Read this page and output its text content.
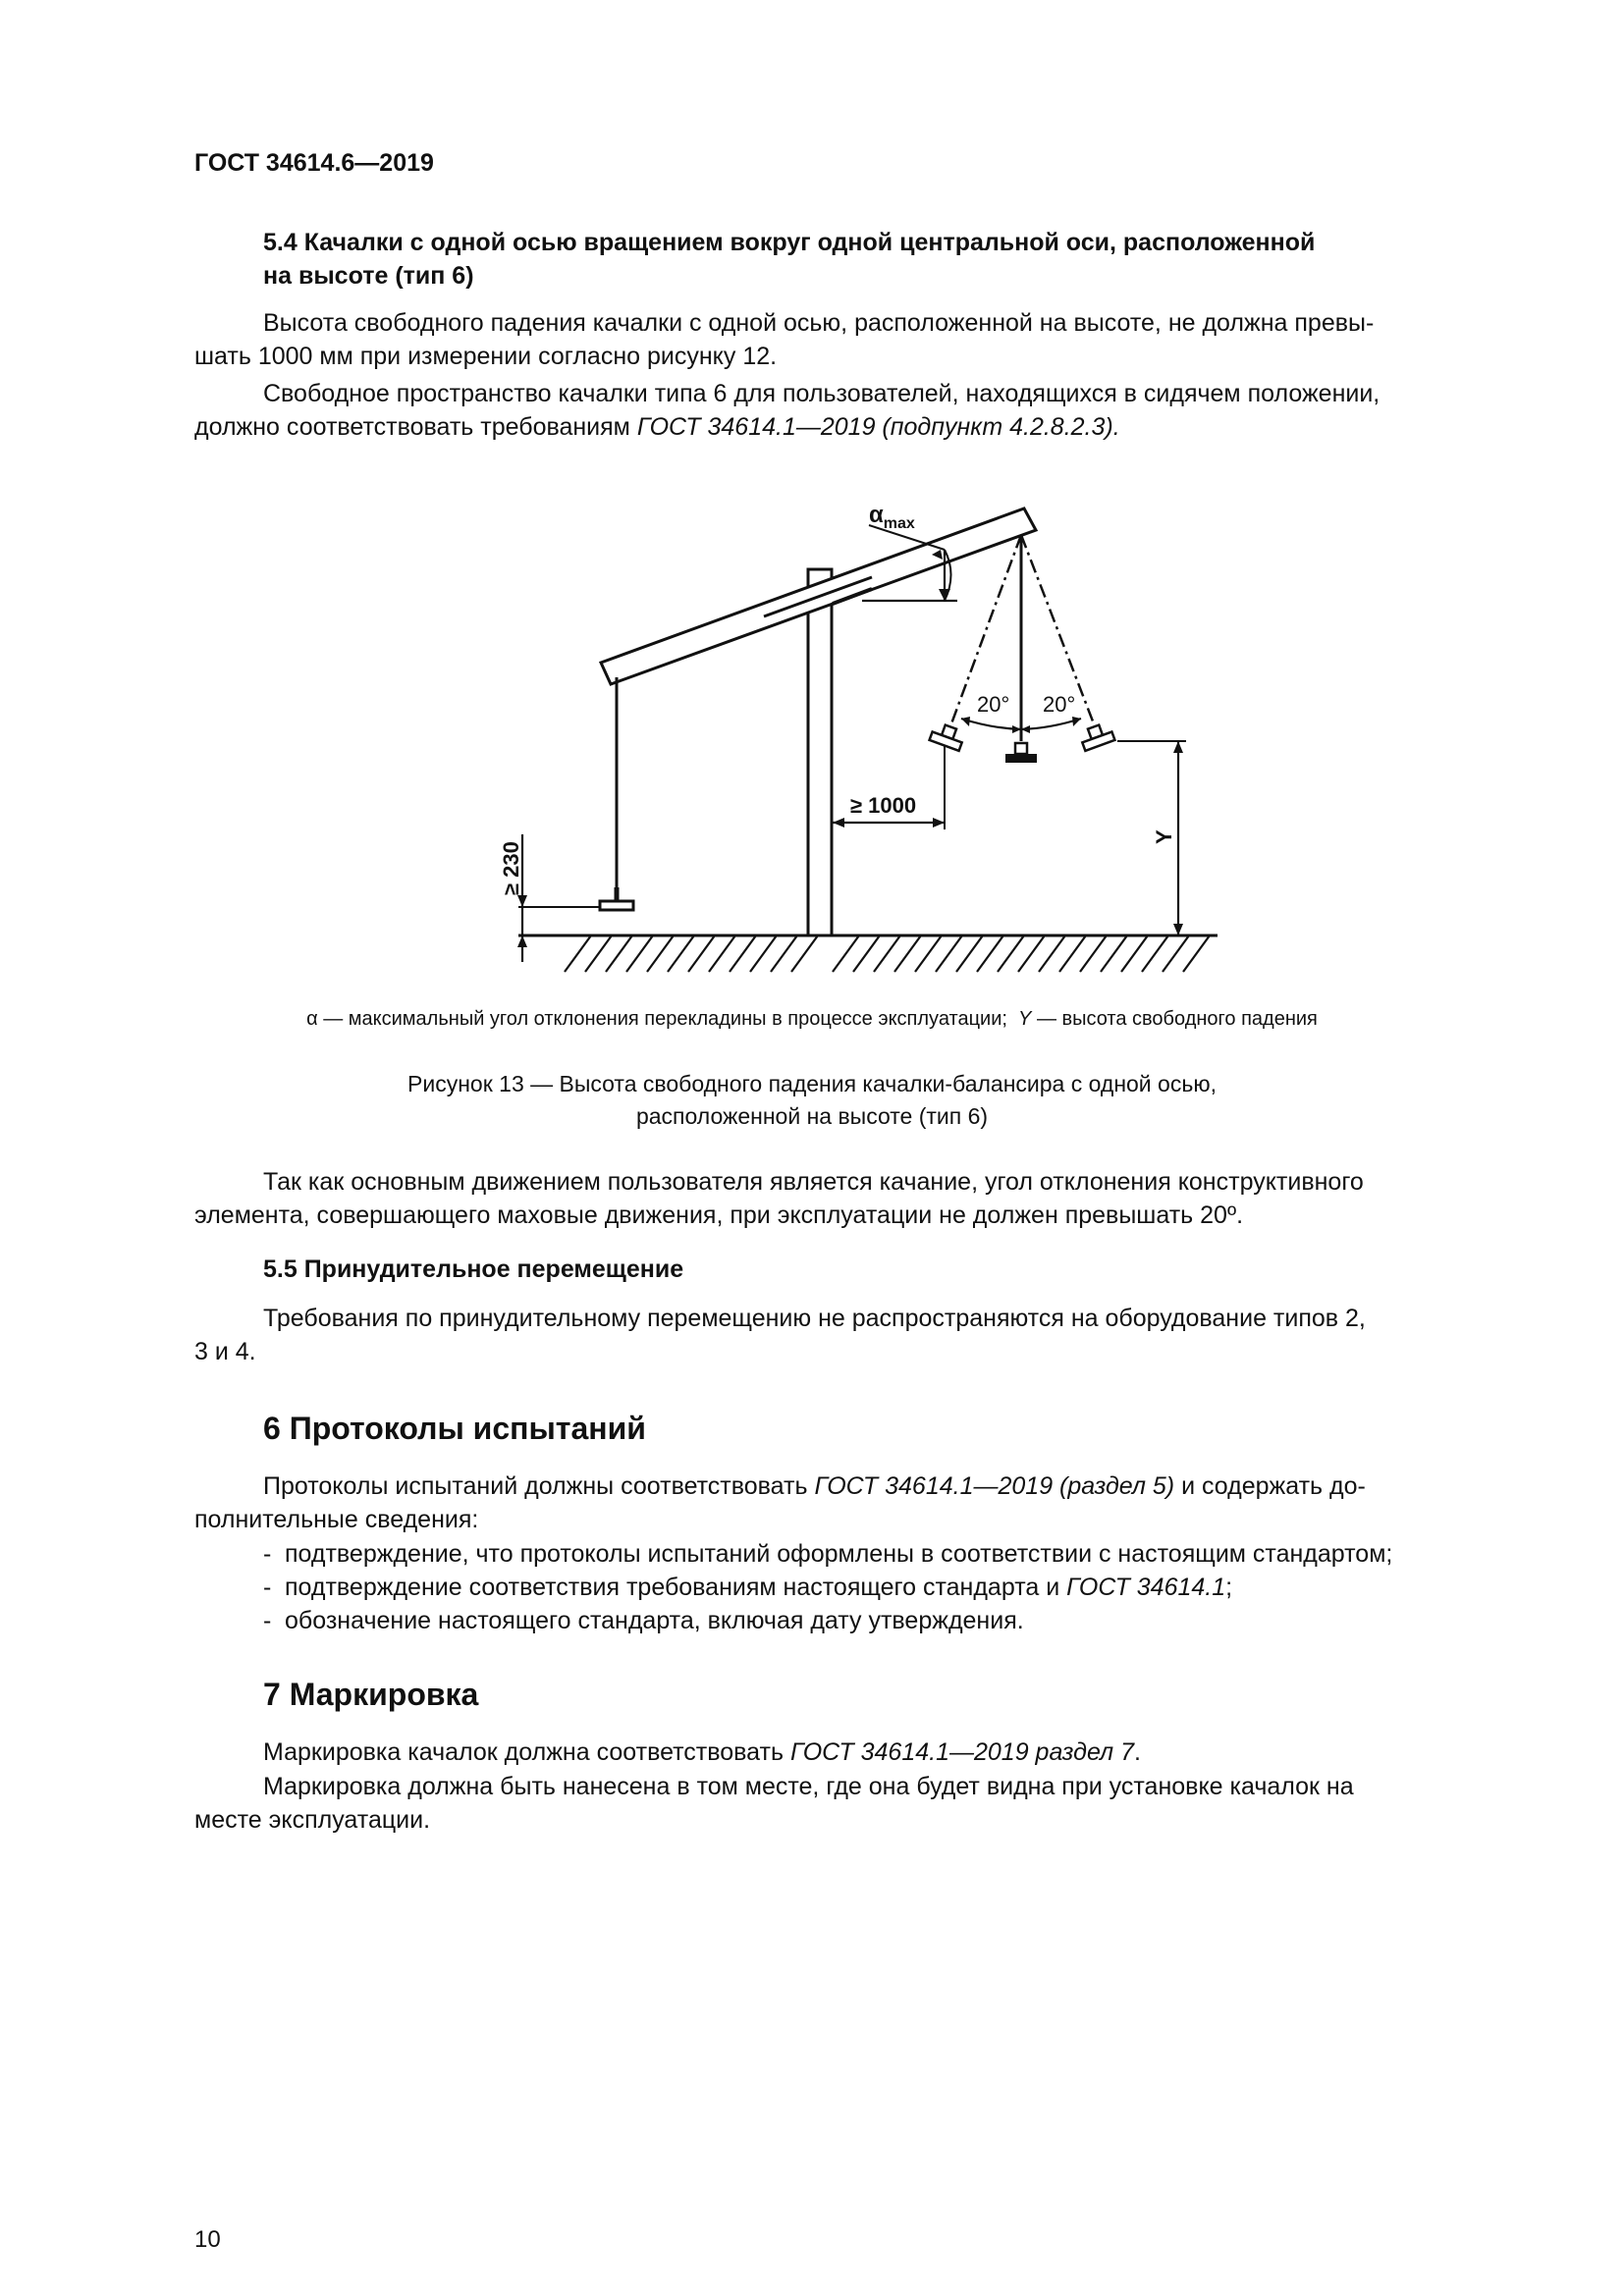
ГОСТ 34614.6—2019
5.4 Качалки с одной осью вращением вокруг одной центральной оси, расположенной
на высоте (тип 6)
Высота свободного падения качалки с одной осью, расположенной на высоте, не должна превы-
шать 1000 мм при измерении согласно рисунку 12.
Свободное пространство качалки типа 6 для пользователей, находящихся в сидячем положении,
должно соответствовать требованиям ГОСТ 34614.1—2019 (подпункт 4.2.8.2.3).
20° 20°
$\alpha_{max}$
≥ 1000
≥ 230
Y
α — максимальный угол отклонения перекладины в процессе эксплуатации; Y — высота свободного падения
Рисунок 13 — Высота свободного падения качалки-балансира с одной осью,
расположенной на высоте (тип 6)
Так как основным движением пользователя является качание, угол отклонения конструктивного
элемента, совершающего маховые движения, при эксплуатации не должен превышать 20º.
5.5 Принудительное перемещение
Требования по принудительному перемещению не распространяются на оборудование типов 2,
3 и 4.
6 Протоколы испытаний
Протоколы испытаний должны соответствовать ГОСТ 34614.1—2019 (раздел 5) и содержать до-
полнительные сведения:
- подтверждение, что протоколы испытаний оформлены в соответствии с настоящим стандартом;
- подтверждение соответствия требованиям настоящего стандарта и ГОСТ 34614.1;
- обозначение настоящего стандарта, включая дату утверждения.
7 Маркировка
Маркировка качалок должна соответствовать ГОСТ 34614.1—2019 раздел 7.
Маркировка должна быть нанесена в том месте, где она будет видна при установке качалок на
месте эксплуатации.
10
